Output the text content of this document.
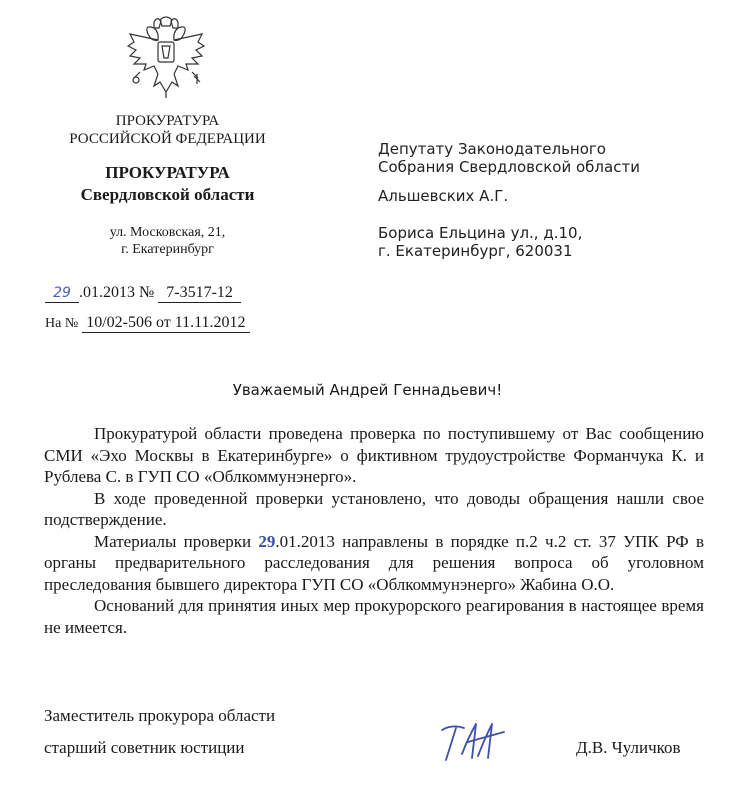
ПРОКУРАТУРА
РОССИЙСКОЙ ФЕДЕРАЦИИ
ПРОКУРАТУРА
Свердловской области
ул. Московская, 21,
г. Екатеринбург
29 .01.2013 № 7-3517-12
На № 10/02-506 от 11.11.2012
Депутату Законодательного
Собрания Свердловской области
Альшевских А.Г.
Бориса Ельцина ул., д.10,
г. Екатеринбург, 620031
Уважаемый Андрей Геннадьевич!

Прокуратурой области проведена проверка по поступившему от Вас сообщению СМИ «Эхо Москвы в Екатеринбурге» о фиктивном трудоустройстве Форманчука К. и Рублева С. в ГУП СО «Облкоммунэнерго».

В ходе проведенной проверки установлено, что доводы обращения нашли свое подстверждение.

Материалы проверки 29.01.2013 направлены в порядке п.2 ч.2 ст. 37 УПК РФ в органы предварительного расследования для решения вопроса об уголовном преследования бывшего директора ГУП СО «Облкоммунэнерго» Жабина О.О.

Оснований для принятия иных мер прокурорского реагирования в настоящее время не имеется.

Заместитель прокурора области
старший советник юстиции	Д.В. Чуличков
